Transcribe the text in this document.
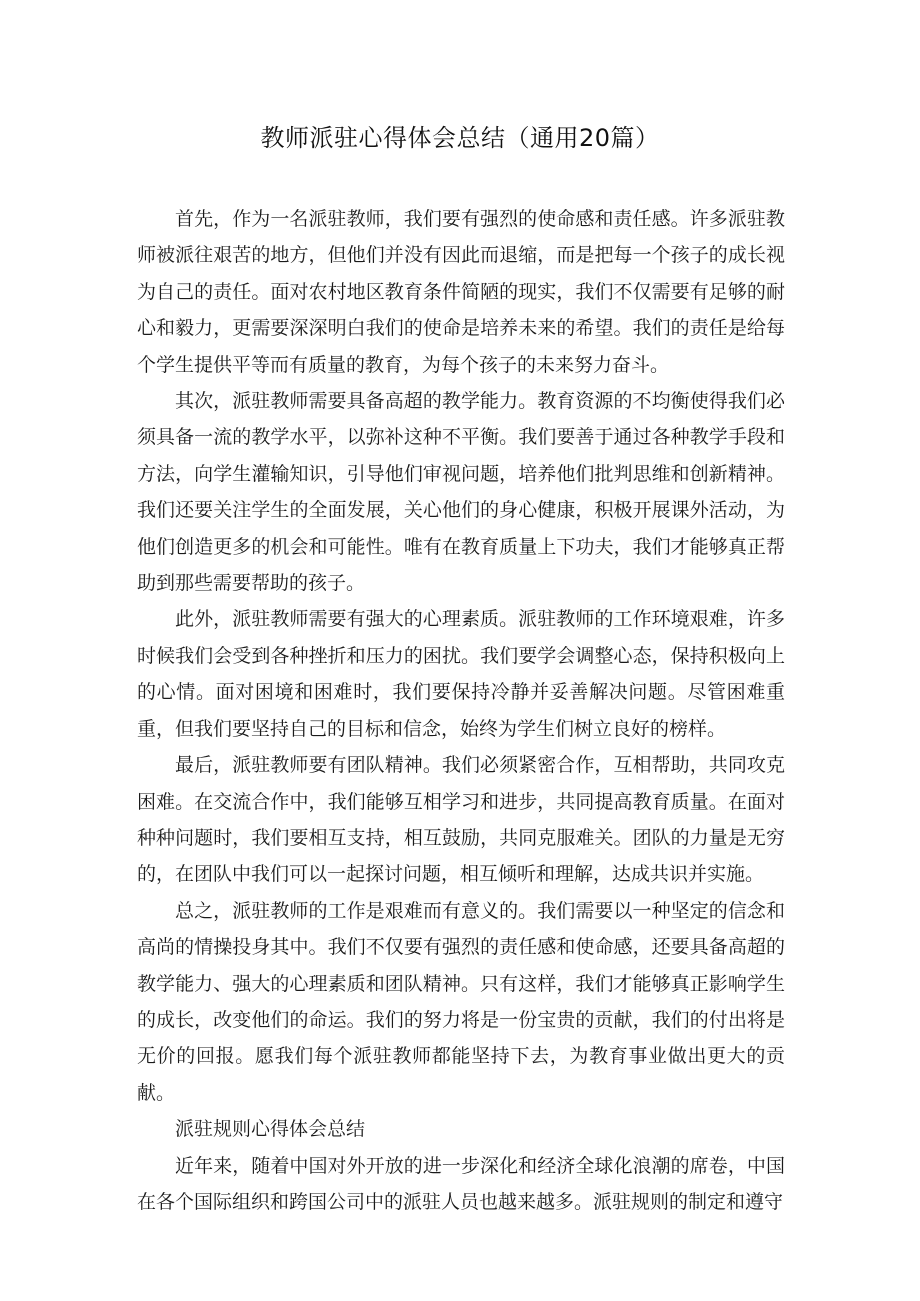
教师派驻心得体会总结（通用20篇）

首先，作为一名派驻教师，我们要有强烈的使命感和责任感。许多派驻教师被派往艰苦的地方，但他们并没有因此而退缩，而是把每一个孩子的成长视为自己的责任。面对农村地区教育条件简陋的现实，我们不仅需要有足够的耐心和毅力，更需要深深明白我们的使命是培养未来的希望。我们的责任是给每个学生提供平等而有质量的教育，为每个孩子的未来努力奋斗。

其次，派驻教师需要具备高超的教学能力。教育资源的不均衡使得我们必须具备一流的教学水平，以弥补这种不平衡。我们要善于通过各种教学手段和方法，向学生灌输知识，引导他们审视问题，培养他们批判思维和创新精神。我们还要关注学生的全面发展，关心他们的身心健康，积极开展课外活动，为他们创造更多的机会和可能性。唯有在教育质量上下功夫，我们才能够真正帮助到那些需要帮助的孩子。

此外，派驻教师需要有强大的心理素质。派驻教师的工作环境艰难，许多时候我们会受到各种挫折和压力的困扰。我们要学会调整心态，保持积极向上的心情。面对困境和困难时，我们要保持冷静并妥善解决问题。尽管困难重重，但我们要坚持自己的目标和信念，始终为学生们树立良好的榜样。

最后，派驻教师要有团队精神。我们必须紧密合作，互相帮助，共同攻克困难。在交流合作中，我们能够互相学习和进步，共同提高教育质量。在面对种种问题时，我们要相互支持，相互鼓励，共同克服难关。团队的力量是无穷的，在团队中我们可以一起探讨问题，相互倾听和理解，达成共识并实施。

总之，派驻教师的工作是艰难而有意义的。我们需要以一种坚定的信念和高尚的情操投身其中。我们不仅要有强烈的责任感和使命感，还要具备高超的教学能力、强大的心理素质和团队精神。只有这样，我们才能够真正影响学生的成长，改变他们的命运。我们的努力将是一份宝贵的贡献，我们的付出将是无价的回报。愿我们每个派驻教师都能坚持下去，为教育事业做出更大的贡献。

派驻规则心得体会总结

近年来，随着中国对外开放的进一步深化和经济全球化浪潮的席卷，中国在各个国际组织和跨国公司中的派驻人员也越来越多。派驻规则的制定和遵守
